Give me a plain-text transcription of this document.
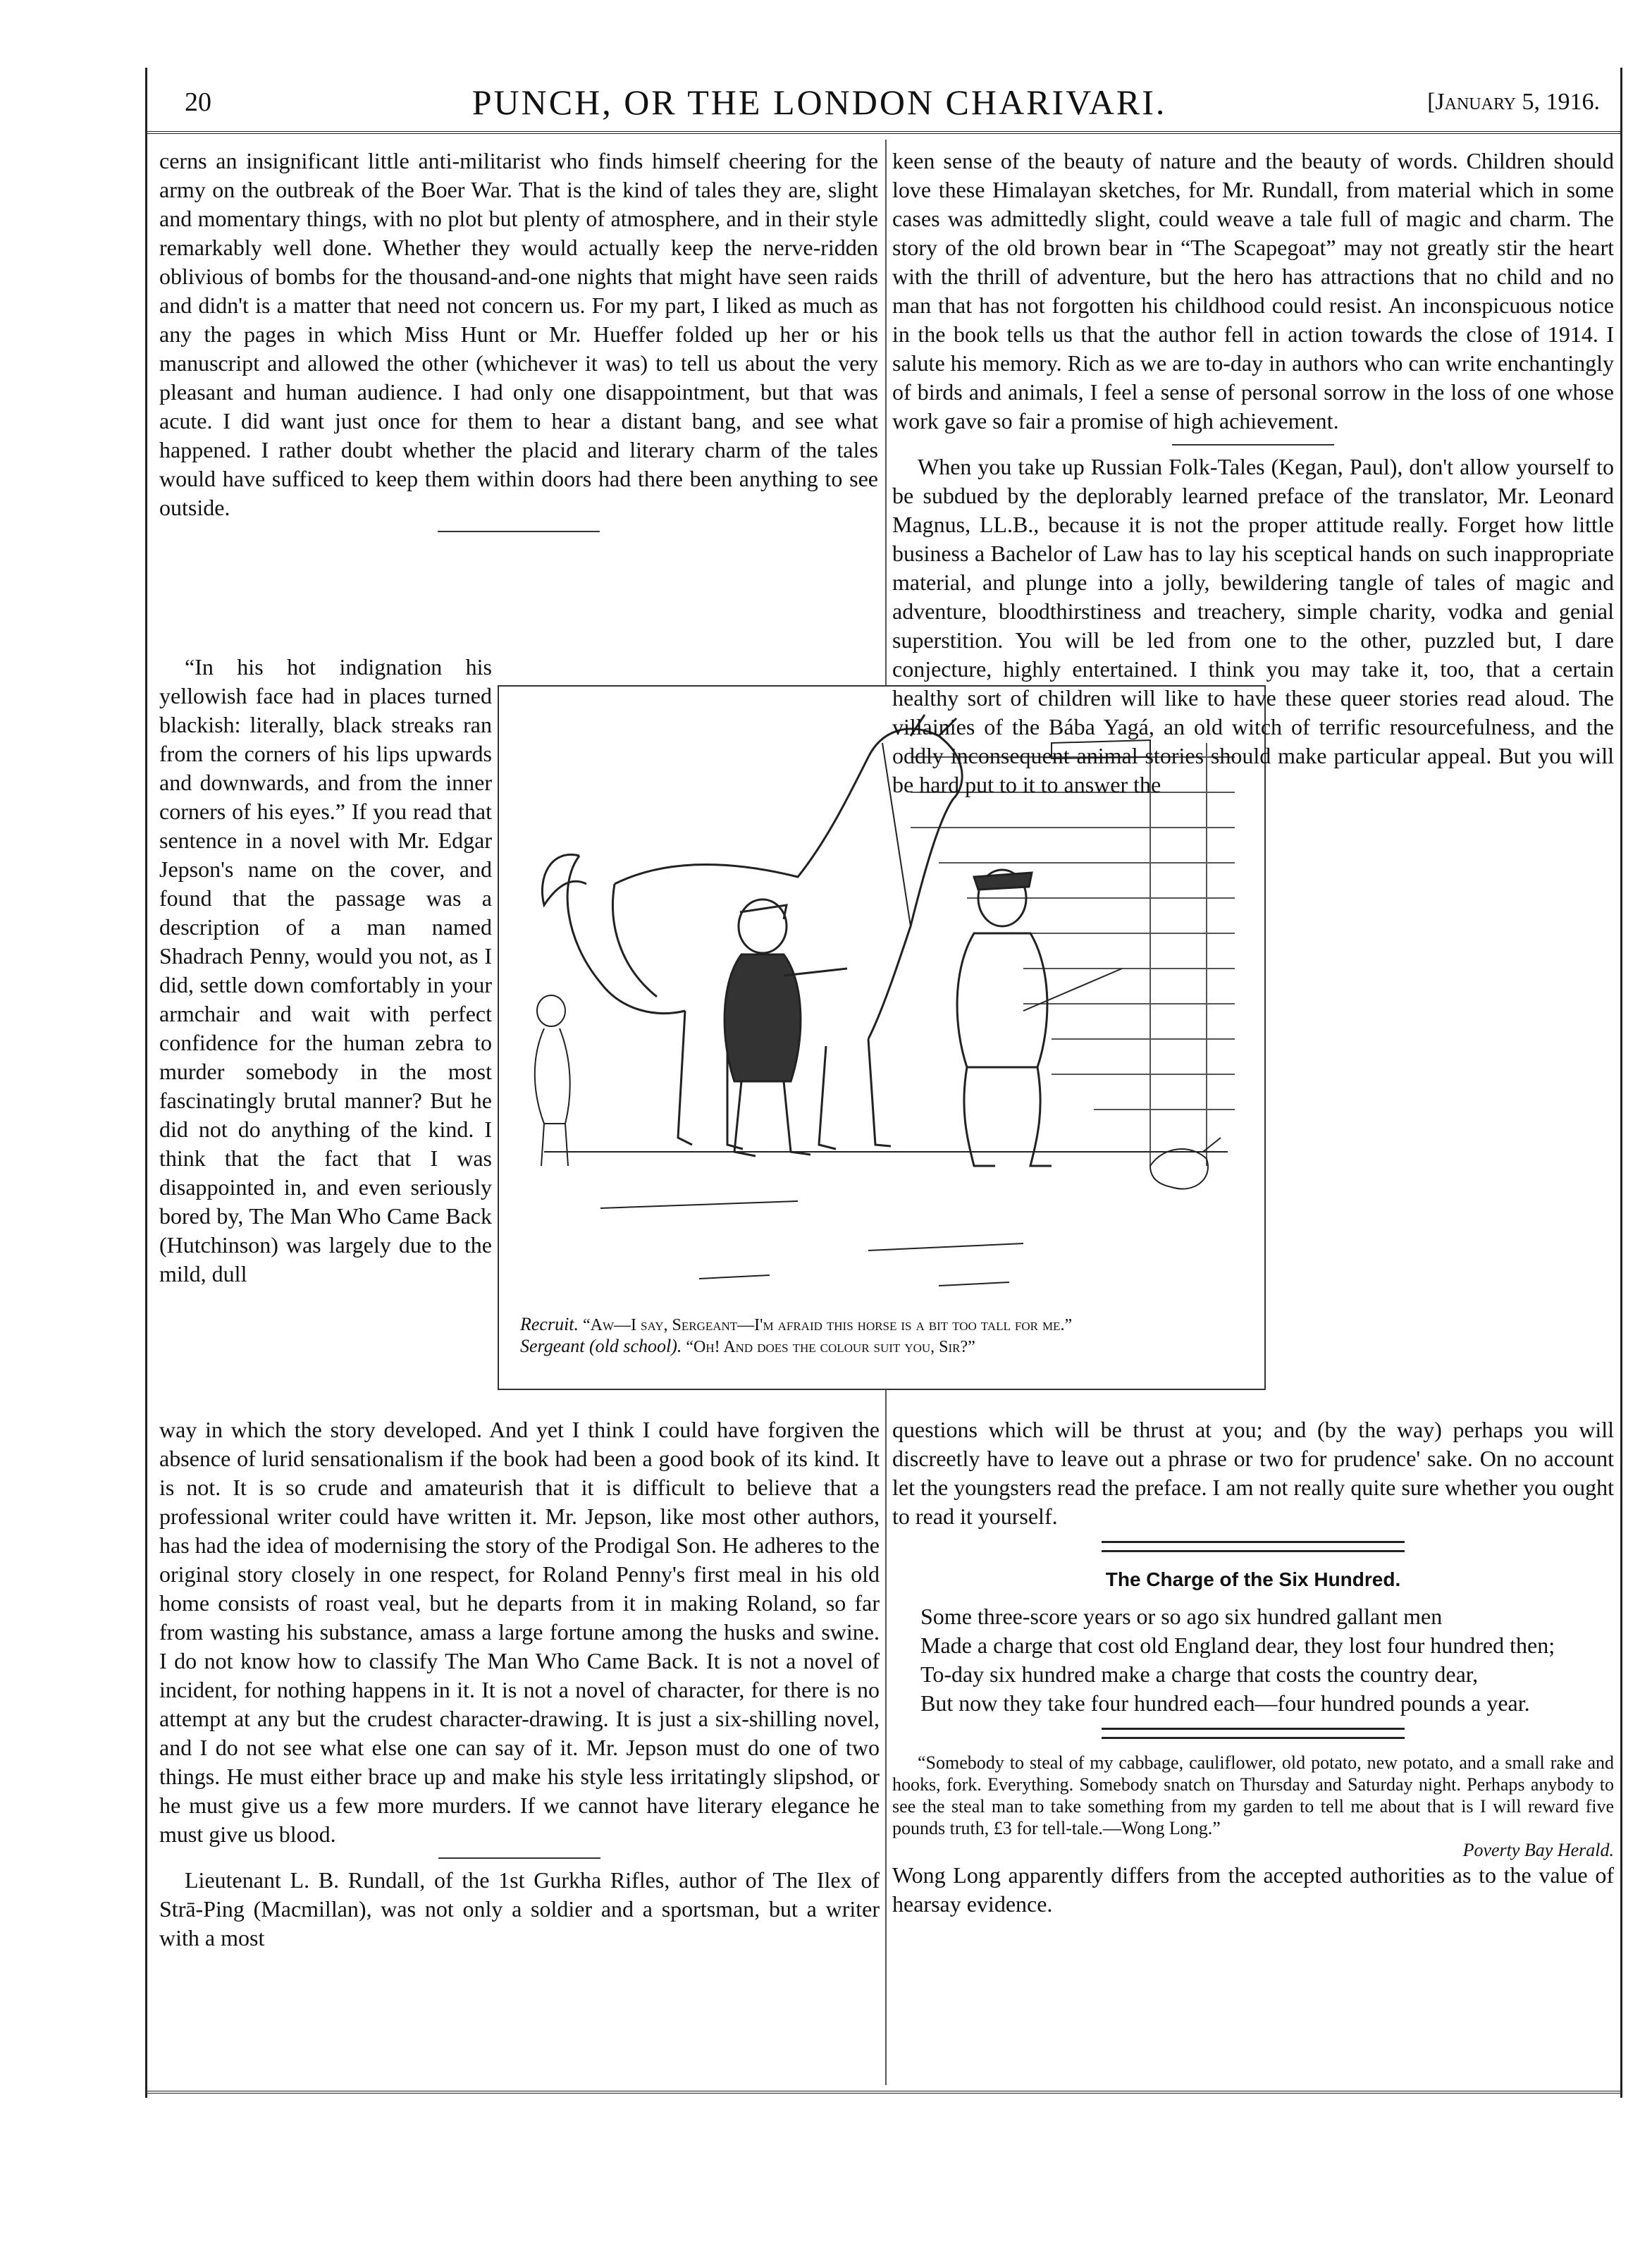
20	PUNCH, OR THE LONDON CHARIVARI.	[January 5, 1916.

cerns an insignificant little anti-militarist who finds himself cheering for the army on the outbreak of the Boer War. That is the kind of tales they are, slight and momentary things, with no plot but plenty of atmosphere, and in their style remarkably well done. Whether they would actually keep the nerve-ridden oblivious of bombs for the thousand-and-one nights that might have seen raids and didn't is a matter that need not concern us. For my part, I liked as much as any the pages in which Miss Hunt or Mr. Hueffer folded up her or his manuscript and allowed the other (whichever it was) to tell us about the very pleasant and human audience. I had only one disappointment, but that was acute. I did want just once for them to hear a distant bang, and see what happened. I rather doubt whether the placid and literary charm of the tales would have sufficed to keep them within doors had there been anything to see outside.

“In his hot indignation his yellowish face had in places turned blackish: literally, black streaks ran from the corners of his lips upwards and downwards, and from the inner corners of his eyes.” If you read that sentence in a novel with Mr. Edgar Jepson's name on the cover, and found that the passage was a description of a man named Shadrach Penny, would you not, as I did, settle down comfortably in your armchair and wait with perfect confidence for the human zebra to murder somebody in the most fascinatingly brutal manner? But he did not do anything of the kind. I think that the fact that I was disappointed in, and even seriously bored by, The Man Who Came Back (Hutchinson) was largely due to the mild, dull

Recruit. “Aw—I say, Sergeant—I'm afraid this horse is a bit too tall for me.”
Sergeant (old school). “Oh! And does the colour suit you, Sir?”

way in which the story developed. And yet I think I could have forgiven the absence of lurid sensationalism if the book had been a good book of its kind. It is not. It is so crude and amateurish that it is difficult to believe that a professional writer could have written it. Mr. Jepson, like most other authors, has had the idea of modernising the story of the Prodigal Son. He adheres to the original story closely in one respect, for Roland Penny's first meal in his old home consists of roast veal, but he departs from it in making Roland, so far from wasting his substance, amass a large fortune among the husks and swine. I do not know how to classify The Man Who Came Back. It is not a novel of incident, for nothing happens in it. It is not a novel of character, for there is no attempt at any but the crudest character-drawing. It is just a six-shilling novel, and I do not see what else one can say of it. Mr. Jepson must do one of two things. He must either brace up and make his style less irritatingly slipshod, or he must give us a few more murders. If we cannot have literary elegance he must give us blood.

Lieutenant L. B. Rundall, of the 1st Gurkha Rifles, author of The Ilex of Strā-Ping (Macmillan), was not only a soldier and a sportsman, but a writer with a most

keen sense of the beauty of nature and the beauty of words. Children should love these Himalayan sketches, for Mr. Rundall, from material which in some cases was admittedly slight, could weave a tale full of magic and charm. The story of the old brown bear in “The Scapegoat” may not greatly stir the heart with the thrill of adventure, but the hero has attractions that no child and no man that has not forgotten his childhood could resist. An inconspicuous notice in the book tells us that the author fell in action towards the close of 1914. I salute his memory. Rich as we are to-day in authors who can write enchantingly of birds and animals, I feel a sense of personal sorrow in the loss of one whose work gave so fair a promise of high achievement.

When you take up Russian Folk-Tales (Kegan, Paul), don't allow yourself to be subdued by the deplorably learned preface of the translator, Mr. Leonard Magnus, LL.B., because it is not the proper attitude really. Forget how little business a Bachelor of Law has to lay his sceptical hands on such inappropriate material, and plunge into a jolly, bewildering tangle of tales of magic and adventure, bloodthirstiness and treachery, simple charity, vodka and genial superstition. You will be led from one to the other, puzzled but, I dare conjecture, highly entertained. I think you may take it, too, that a certain healthy sort of children will like to have these queer stories read aloud. The villainies of the Bába Yagá, an old witch of terrific resourcefulness, and the oddly inconsequent animal stories should make particular appeal. But you will be hard put to it to answer the

questions which will be thrust at you; and (by the way) perhaps you will discreetly have to leave out a phrase or two for prudence' sake. On no account let the youngsters read the preface. I am not really quite sure whether you ought to read it yourself.

The Charge of the Six Hundred.

Some three-score years or so ago six hundred gallant men

Made a charge that cost old England dear, they lost four hundred then;

To-day six hundred make a charge that costs the country dear,

But now they take four hundred each—four hundred pounds a year.

“Somebody to steal of my cabbage, cauliflower, old potato, new potato, and a small rake and hooks, fork. Everything. Somebody snatch on Thursday and Saturday night. Perhaps anybody to see the steal man to take something from my garden to tell me about that is I will reward five pounds truth, £3 for tell-tale.—Wong Long.”

Poverty Bay Herald.

Wong Long apparently differs from the accepted authorities as to the value of hearsay evidence.
